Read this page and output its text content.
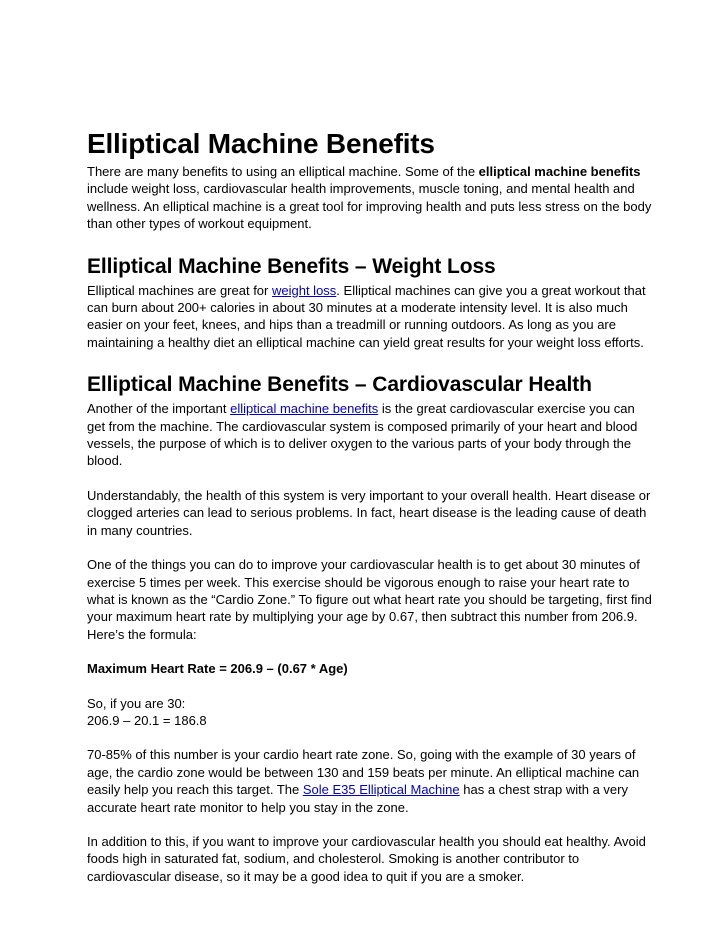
Elliptical Machine Benefits

There are many benefits to using an elliptical machine. Some of the elliptical machine benefits include weight loss, cardiovascular health improvements, muscle toning, and mental health and wellness. An elliptical machine is a great tool for improving health and puts less stress on the body than other types of workout equipment.

Elliptical Machine Benefits – Weight Loss

Elliptical machines are great for weight loss. Elliptical machines can give you a great workout that can burn about 200+ calories in about 30 minutes at a moderate intensity level. It is also much easier on your feet, knees, and hips than a treadmill or running outdoors. As long as you are maintaining a healthy diet an elliptical machine can yield great results for your weight loss efforts.

Elliptical Machine Benefits – Cardiovascular Health

Another of the important elliptical machine benefits is the great cardiovascular exercise you can get from the machine. The cardiovascular system is composed primarily of your heart and blood vessels, the purpose of which is to deliver oxygen to the various parts of your body through the blood.

Understandably, the health of this system is very important to your overall health. Heart disease or clogged arteries can lead to serious problems. In fact, heart disease is the leading cause of death in many countries.

One of the things you can do to improve your cardiovascular health is to get about 30 minutes of exercise 5 times per week. This exercise should be vigorous enough to raise your heart rate to what is known as the “Cardio Zone.” To figure out what heart rate you should be targeting, first find your maximum heart rate by multiplying your age by 0.67, then subtract this number from 206.9. Here’s the formula:

Maximum Heart Rate = 206.9 – (0.67 * Age)

So, if you are 30:
206.9 – 20.1 = 186.8

70-85% of this number is your cardio heart rate zone. So, going with the example of 30 years of age, the cardio zone would be between 130 and 159 beats per minute. An elliptical machine can easily help you reach this target. The Sole E35 Elliptical Machine has a chest strap with a very accurate heart rate monitor to help you stay in the zone.

In addition to this, if you want to improve your cardiovascular health you should eat healthy. Avoid foods high in saturated fat, sodium, and cholesterol. Smoking is another contributor to cardiovascular disease, so it may be a good idea to quit if you are a smoker.
